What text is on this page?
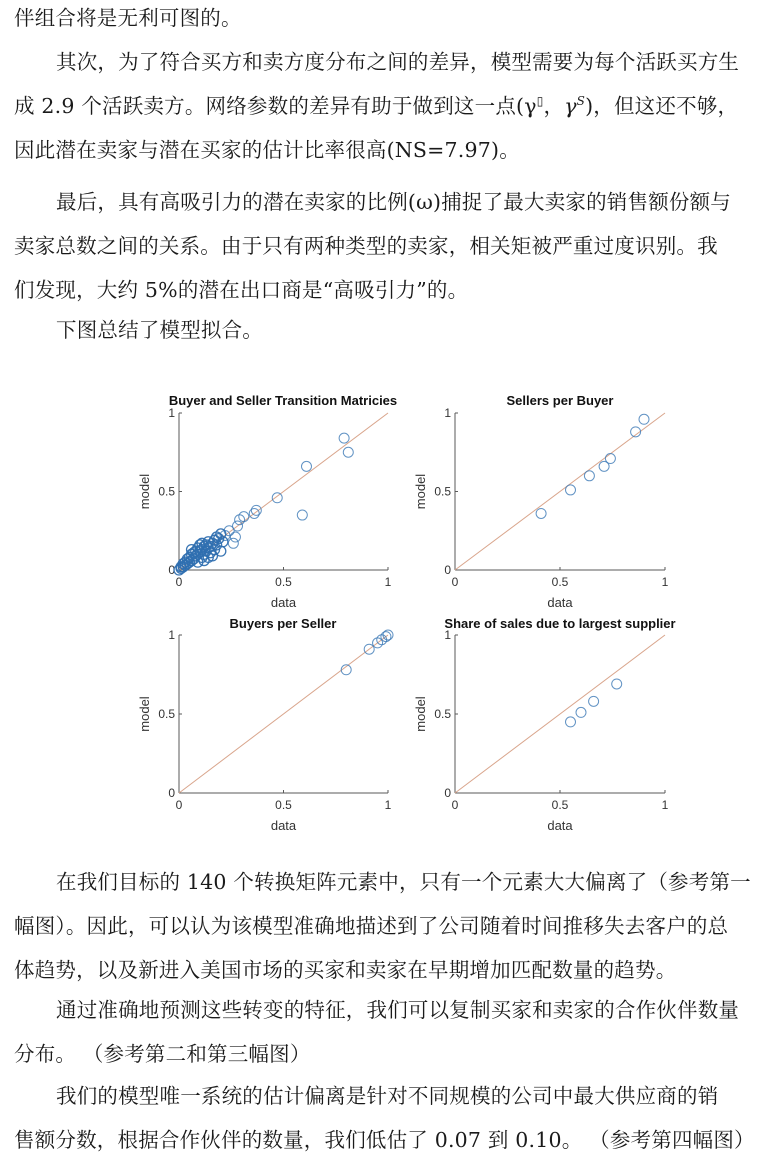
伴组合将是无利可图的。
其次，为了符合买方和卖方度分布之间的差异，模型需要为每个活跃买方生
成 2.9 个活跃卖方。网络参数的差异有助于做到这一点(γ▯，$\gamma^S$)，但这还不够，
因此潜在卖家与潜在买家的估计比率很高(NS=7.97)。
最后，具有高吸引力的潜在卖家的比例(ω)捕捉了最大卖家的销售额份额与
卖家总数之间的关系。由于只有两种类型的卖家，相关矩被严重过度识别。我
们发现，大约 5%的潜在出口商是“高吸引力”的。
下图总结了模型拟合。
在我们目标的 140 个转换矩阵元素中，只有一个元素大大偏离了（参考第一
幅图）。因此，可以认为该模型准确地描述到了公司随着时间推移失去客户的总
体趋势，以及新进入美国市场的买家和卖家在早期增加匹配数量的趋势。
通过准确地预测这些转变的特征，我们可以复制买家和卖家的合作伙伴数量
分布。 （参考第二和第三幅图）
我们的模型唯一系统的估计偏离是针对不同规模的公司中最大供应商的销
售额分数，根据合作伙伴的数量，我们低估了 0.07 到 0.10。 （参考第四幅图）
Buyer and Seller Transition Matricies
0
0
0.5
0.5
1
1
data
model
Sellers per Buyer
0
0
0.5
0.5
1
1
data
model
Buyers per Seller
0
0
0.5
0.5
1
1
data
model
Share of sales due to largest supplier
0
0
0.5
0.5
1
1
data
model
